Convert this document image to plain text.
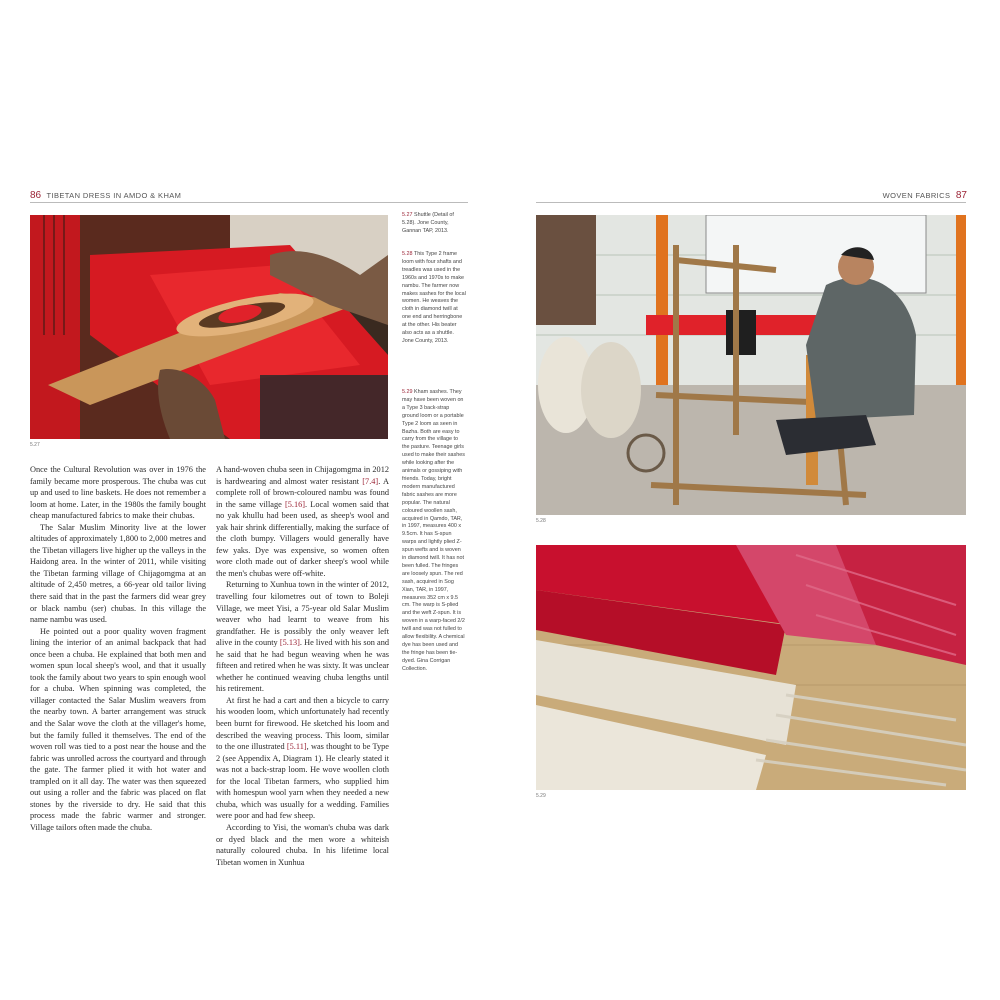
86 TIBETAN DRESS IN AMDO & KHAM	WOVEN FABRICS 87
5.27

Once the Cultural Revolution was over in 1976 the family became more prosperous. The chuba was cut up and used to line baskets. He does not remember a loom at home. Later, in the 1980s the family bought cheap manufactured fabrics to make their chubas.

The Salar Muslim Minority live at the lower altitudes of approximately 1,800 to 2,000 metres and the Tibetan villagers live higher up the valleys in the Haidong area. In the winter of 2011, while visiting the Tibetan farming village of Chijagomgma at an altitude of 2,450 metres, a 66-year old tailor living there said that in the past the farmers did wear grey or black nambu (ser) chubas. In this village the name nambu was used.

He pointed out a poor quality woven fragment lining the interior of an animal backpack that had once been a chuba. He explained that both men and women spun local sheep's wool, and that it usually took the family about two years to spin enough wool for a chuba. When spinning was completed, the villager contacted the Salar Muslim weavers from the nearby town. A barter arrangement was struck and the Salar wove the cloth at the villager's home, but the family fulled it themselves. The end of the woven roll was tied to a post near the house and the fabric was unrolled across the courtyard and through the gate. The farmer plied it with hot water and trampled on it all day. The water was then squeezed out using a roller and the fabric was placed on flat stones by the riverside to dry. He said that this process made the fabric warmer and stronger. Village tailors often made the chuba.

A hand-woven chuba seen in Chijagomgma in 2012 is hardwearing and almost water resistant [7.4]. A complete roll of brown-coloured nambu was found in the same village [5.16]. Local women said that no yak khullu had been used, as sheep's wool and yak hair shrink differentially, making the surface of the cloth bumpy. Villagers would generally have few yaks. Dye was expensive, so women often wore cloth made out of darker sheep's wool while the men's chubas were off-white.

Returning to Xunhua town in the winter of 2012, travelling four kilometres out of town to Boleji Village, we meet Yisi, a 75-year old Salar Muslim weaver who had learnt to weave from his grandfather. He is possibly the only weaver left alive in the county [5.13]. He lived with his son and he said that he had begun weaving when he was fifteen and retired when he was sixty. It was unclear whether he continued weaving chuba lengths until his retirement.

At first he had a cart and then a bicycle to carry his wooden loom, which unfortunately had recently been burnt for firewood. He sketched his loom and described the weaving process. This loom, similar to the one illustrated [5.11], was thought to be Type 2 (see Appendix A, Diagram 1). He clearly stated it was not a back-strap loom. He wove woollen cloth for the local Tibetan farmers, who supplied him with homespun wool yarn when they needed a new chuba, which was usually for a wedding. Families were poor and had few sheep.

According to Yisi, the woman's chuba was dark or dyed black and the men wore a whiteish naturally coloured chuba. In his lifetime local Tibetan women in Xunhua

5.27 Shuttle (Detail of 5.28). Jone County, Gannan TAP, 2013.
5.28 This Type 2 frame loom with four shafts and treadles was used in the 1960s and 1970s to make nambu. The farmer now makes sashes for the local women. He weaves the cloth in diamond twill at one end and herringbone at the other. His beater also acts as a shuttle. Jone County, 2013.
5.29 Kham sashes. They may have been woven on a Type 3 back-strap ground loom or a portable Type 2 loom as seen in Bazha. Both are easy to carry from the village to the pasture. Teenage girls used to make their sashes while looking after the animals or gossiping with friends. Today, bright modern manufactured fabric sashes are more popular. The natural coloured woollen sash, acquired in Qamdo, TAR, in 1997, measures 400 x 9.5cm. It has S-spun warps and lightly plied Z-spun wefts and is woven in diamond twill. It has not been fulled. The fringes are loosely spun. The red sash, acquired in Sog Xian, TAR, in 1997, measures 352 cm x 9.5 cm. The warp is S-plied and the weft Z-spun. It is woven in a warp-faced 2/2 twill and was not fulled to allow flexibility. A chemical dye has been used and the fringe has been tie-dyed. Gina Corrigan Collection.
5.28
5.29
